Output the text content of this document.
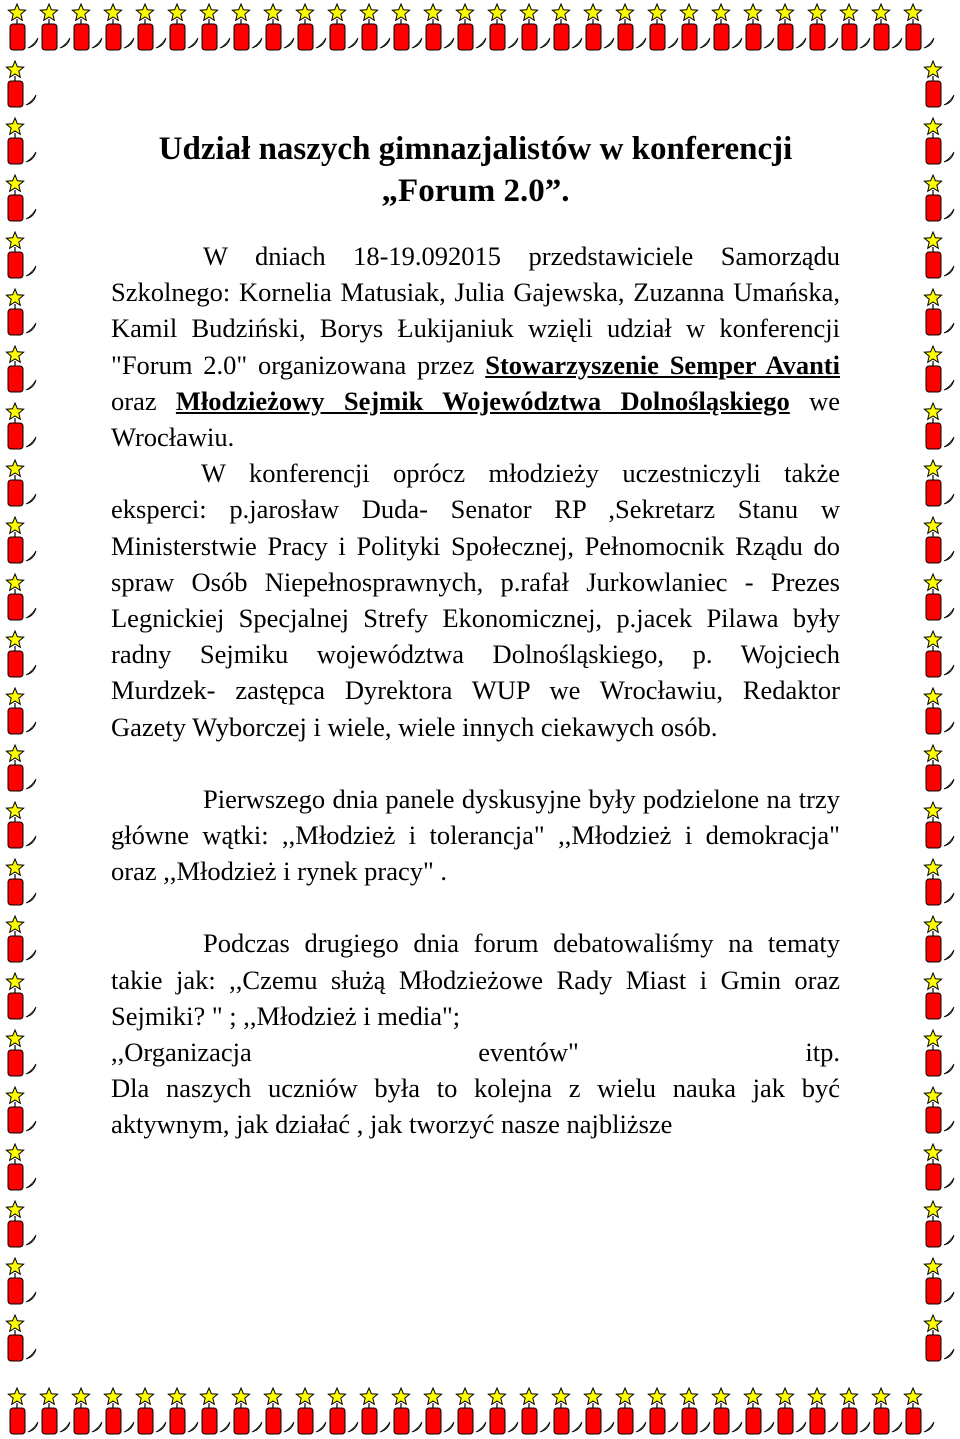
Udział naszych gimnazjalistów w konferencji
„Forum 2.0”.

W dniach 18-19.092015 przedstawiciele Samorządu Szkolnego: Kornelia Matusiak, Julia Gajewska, Zuzanna Umańska, Kamil Budziński, Borys Łukijaniuk wzięli udział w konferencji "Forum 2.0" organizowana przez Stowarzyszenie Semper Avanti oraz Młodzieżowy Sejmik Województwa Dolnośląskiego we Wrocławiu.
W konferencji oprócz młodzieży uczestniczyli także eksperci: p.jarosław Duda- Senator RP ,Sekretarz Stanu w Ministerstwie Pracy i Polityki Społecznej, Pełnomocnik Rządu do spraw Osób Niepełnosprawnych, p.rafał Jurkowlaniec - Prezes Legnickiej Specjalnej Strefy Ekonomicznej, p.jacek Pilawa były radny Sejmiku województwa Dolnośląskiego, p. Wojciech Murdzek- zastępca Dyrektora WUP we Wrocławiu, Redaktor Gazety Wyborczej i wiele, wiele innych ciekawych osób.

Pierwszego dnia panele dyskusyjne były podzielone na trzy główne wątki: ,,Młodzież i tolerancja" ,,Młodzież i demokracja" oraz ,,Młodzież i rynek pracy" .

Podczas drugiego dnia forum debatowaliśmy na tematy takie jak: ,,Czemu służą Młodzieżowe Rady Miast i Gmin oraz Sejmiki? " ; ,,Młodzież i media";
,,Organizacja eventów" itp.
Dla naszych uczniów była to kolejna z wielu nauka jak być aktywnym, jak działać , jak tworzyć nasze najbliższe
